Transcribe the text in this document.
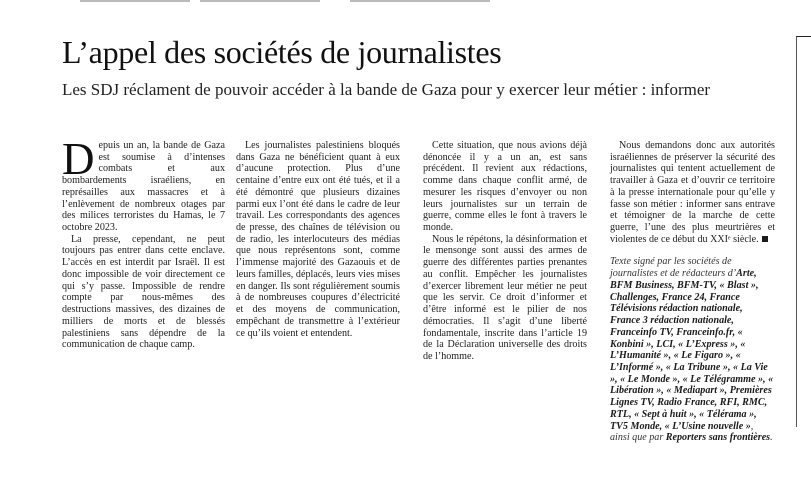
L’appel des sociétés de journalistes

Les SDJ réclament de pouvoir accéder à la bande de Gaza pour y exercer leur métier : informer

Depuis un an, la bande de Gaza est soumise à d’intenses combats et aux bombardements israéliens, en représailles aux massacres et à l’enlèvement de nombreux otages par des milices terroristes du Hamas, le 7 octobre 2023.

La presse, cependant, ne peut toujours pas entrer dans cette enclave. L’accès en est interdit par Israël. Il est donc impossible de voir directement ce qui s’y passe. Impossible de rendre compte par nous-mêmes des destructions massives, des dizaines de milliers de morts et de blessés palestiniens sans dépendre de la communication de chaque camp.

Les journalistes palestiniens bloqués dans Gaza ne bénéficient quant à eux d’aucune protection. Plus d’une centaine d’entre eux ont été tués, et il a été démontré que plusieurs dizaines parmi eux l’ont été dans le cadre de leur travail. Les correspondants des agences de presse, des chaînes de télévision ou de radio, les interlocuteurs des médias que nous représentons sont, comme l’immense majorité des Gazaouis et de leurs familles, déplacés, leurs vies mises en danger. Ils sont régulièrement soumis à de nombreuses coupures d’électricité et des moyens de communication, empêchant de transmettre à l’extérieur ce qu’ils voient et entendent.

Cette situation, que nous avions déjà dénoncée il y a un an, est sans précédent. Il revient aux rédactions, comme dans chaque conflit armé, de mesurer les risques d’envoyer ou non leurs journalistes sur un terrain de guerre, comme elles le font à travers le monde.

Nous le répétons, la désinformation et le mensonge sont aussi des armes de guerre des différentes parties prenantes au conflit. Empêcher les journalistes d’exercer librement leur métier ne peut que les servir. Ce droit d’informer et d’être informé est le pilier de nos démocraties. Il s’agit d’une liberté fondamentale, inscrite dans l’article 19 de la Déclaration universelle des droits de l’homme.

Nous demandons donc aux autorités israéliennes de préserver la sécurité des journalistes qui tentent actuellement de travailler à Gaza et d’ouvrir ce territoire à la presse internationale pour qu’elle y fasse son métier : informer sans entrave et témoigner de la marche de cette guerre, l’une des plus meurtrières et violentes de ce début du XXIᵉ siècle.

Texte signé par les sociétés de journalistes et de rédacteurs d’Arte, BFM Business, BFM-TV, « Blast », Challenges, France 24, France Télévisions rédaction nationale, France 3 rédaction nationale, Franceinfo TV, Franceinfo.fr, « Konbini », LCI, « L’Express », « L’Humanité », « Le Figaro », « L’Informé », « La Tribune », « La Vie », « Le Monde », « Le Télégramme », « Libération », « Mediapart », Premières Lignes TV, Radio France, RFI, RMC, RTL, « Sept à huit », « Télérama », TV5 Monde, « L’Usine nouvelle », ainsi que par Reporters sans frontières.
